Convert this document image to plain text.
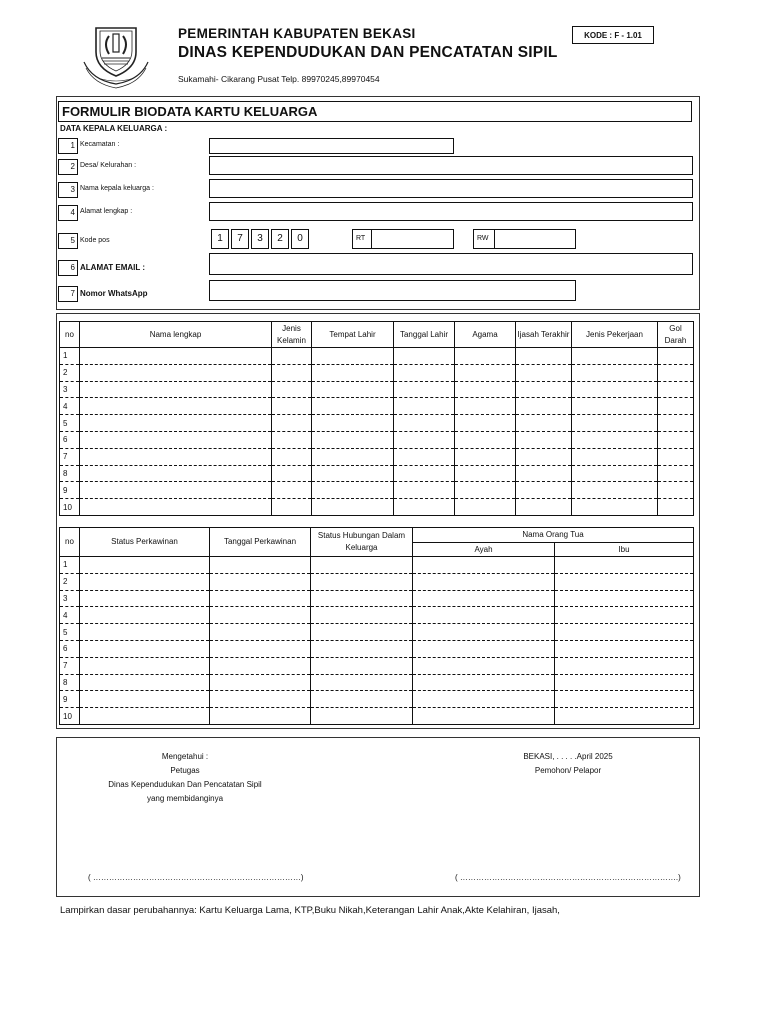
PEMERINTAH KABUPATEN BEKASI
DINAS KEPENDUDUKAN DAN PENCATATAN SIPIL
Sukamahi- Cikarang Pusat Telp. 89970245,89970454
KODE : F - 1.01
FORMULIR BIODATA KARTU KELUARGA
DATA KEPALA KELUARGA :
1 Kecamatan :
2 Desa/ Kelurahan :
3 Nama kepala keluarga :
4 Alamat lengkap :
5 Kode pos	1	7	3	2	0	RT	RW
6 ALAMAT EMAIL :
7 Nomor WhatsApp
no	Nama lengkap	Jenis Kelamin	Tempat Lahir	Tanggal Lahir	Agama	Ijasah Terakhir	Jenis Pekerjaan	Gol Darah
1								
2								
3								
4								
5								
6								
7								
8								
9								
10								
no	Status Perkawinan	Tanggal Perkawinan	Status Hubungan Dalam Keluarga	Nama Orang Tua	
				Ayah	Ibu
1					
2					
3					
4					
5					
6					
7					
8					
9					
10					
Mengetahui :
Petugas
Dinas Kependudukan Dan Pencatatan Sipil
yang membidanginya
BEKASI, . . . . .April 2025
Pemohon/ Pelapor
( ……………………………………………………………………)	( ……………………………………………………………………….)
Lampirkan dasar perubahannya: Kartu Keluarga Lama, KTP,Buku Nikah,Keterangan Lahir Anak,Akte Kelahiran, Ijasah,
